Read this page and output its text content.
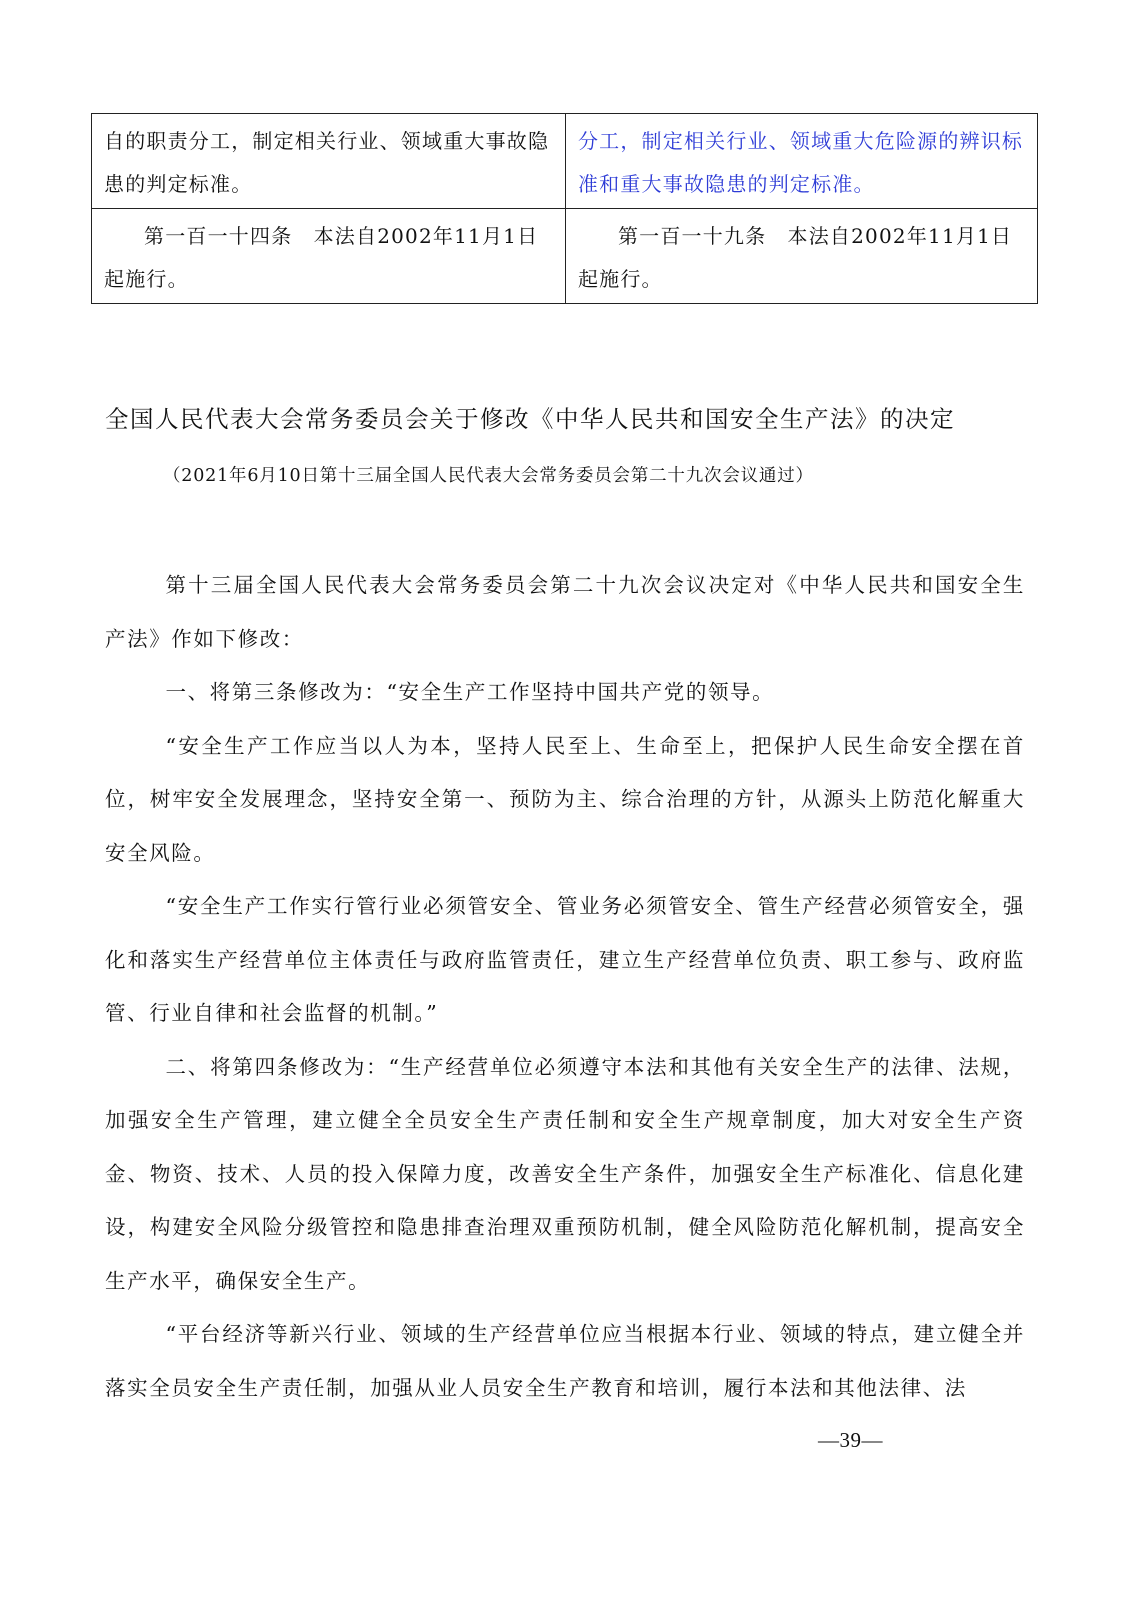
自的职责分工，制定相关行业、领域重大事故隐患的判定标准。	分工，制定相关行业、领域重大危险源的辨识标准和重大事故隐患的判定标准。
第一百一十四条　本法自2002年11月1日起施行。	第一百一十九条　本法自2002年11月1日起施行。
全国人民代表大会常务委员会关于修改《中华人民共和国安全生产法》的决定
（2021年6月10日第十三届全国人民代表大会常务委员会第二十九次会议通过）

第十三届全国人民代表大会常务委员会第二十九次会议决定对《中华人民共和国安全生产法》作如下修改：

一、将第三条修改为：“安全生产工作坚持中国共产党的领导。

“安全生产工作应当以人为本，坚持人民至上、生命至上，把保护人民生命安全摆在首位，树牢安全发展理念，坚持安全第一、预防为主、综合治理的方针，从源头上防范化解重大安全风险。

“安全生产工作实行管行业必须管安全、管业务必须管安全、管生产经营必须管安全，强化和落实生产经营单位主体责任与政府监管责任，建立生产经营单位负责、职工参与、政府监管、行业自律和社会监督的机制。”

二、将第四条修改为：“生产经营单位必须遵守本法和其他有关安全生产的法律、法规，加强安全生产管理，建立健全全员安全生产责任制和安全生产规章制度，加大对安全生产资金、物资、技术、人员的投入保障力度，改善安全生产条件，加强安全生产标准化、信息化建设，构建安全风险分级管控和隐患排查治理双重预防机制，健全风险防范化解机制，提高安全生产水平，确保安全生产。

“平台经济等新兴行业、领域的生产经营单位应当根据本行业、领域的特点，建立健全并落实全员安全生产责任制，加强从业人员安全生产教育和培训，履行本法和其他法律、法

—39—
